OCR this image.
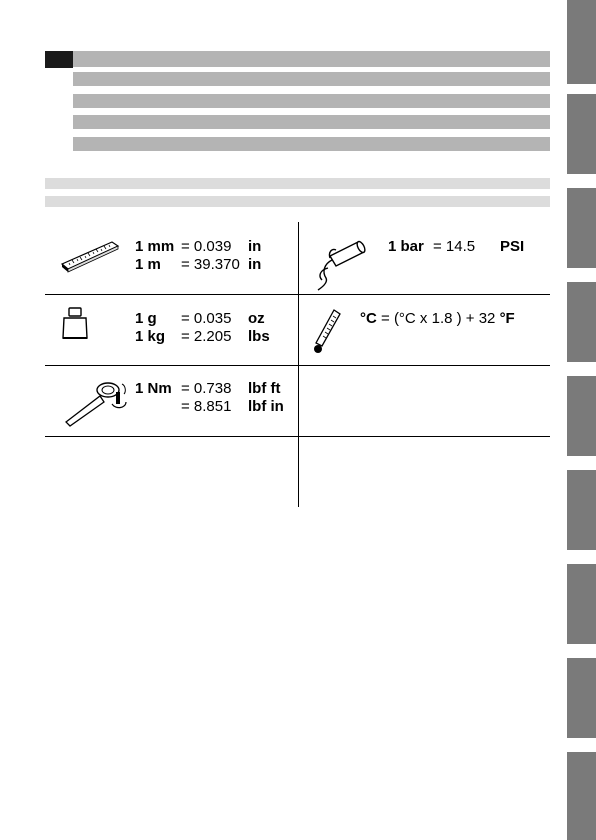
1 mm = 0.039 in
1 m = 39.370 in
1 bar = 14.5 PSI
1 g = 0.035 oz
1 kg = 2.205 lbs
°C = (°C x 1.8 ) + 32 °F
1 Nm = 0.738 lbf ft
= 8.851 lbf in
